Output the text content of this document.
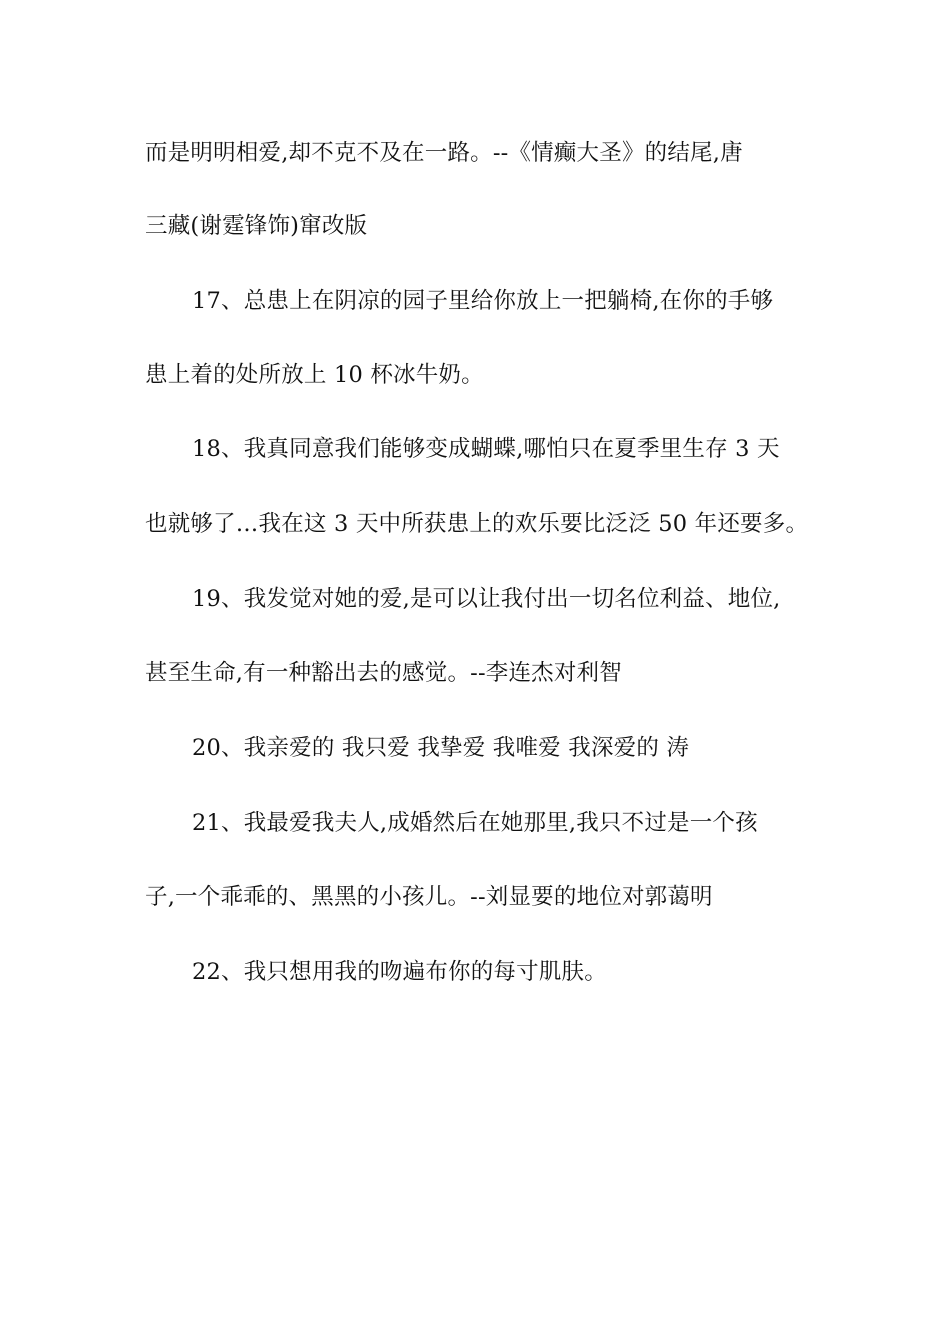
而是明明相爱,却不克不及在一路。--《情癫大圣》的结尾,唐
三藏(谢霆锋饰)窜改版
17、总患上在阴凉的园子里给你放上一把躺椅,在你的手够
患上着的处所放上 10 杯冰牛奶。
18、我真同意我们能够变成蝴蝶,哪怕只在夏季里生存 3 天
也就够了…我在这 3 天中所获患上的欢乐要比泛泛 50 年还要多。
19、我发觉对她的爱,是可以让我付出一切名位利益、地位,
甚至生命,有一种豁出去的感觉。--李连杰对利智
20、我亲爱的 我只爱 我挚爱 我唯爱 我深爱的 涛
21、我最爱我夫人,成婚然后在她那里,我只不过是一个孩
子,一个乖乖的、黑黑的小孩儿。--刘显要的地位对郭蔼明
22、我只想用我的吻遍布你的每寸肌肤。
